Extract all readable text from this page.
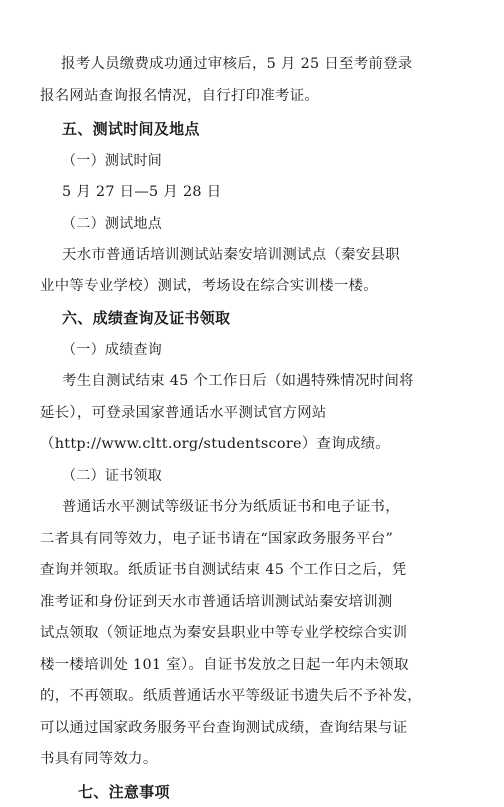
报考人员缴费成功通过审核后，5 月 25 日至考前登录
报名网站查询报名情况，自行打印准考证。
五、测试时间及地点
（一）测试时间
5 月 27 日—5 月 28 日
（二）测试地点
天水市普通话培训测试站秦安培训测试点（秦安县职
业中等专业学校）测试，考场设在综合实训楼一楼。
六、成绩查询及证书领取
（一）成绩查询
考生自测试结束 45 个工作日后（如遇特殊情况时间将
延长），可登录国家普通话水平测试官方网站
（http://www.cltt.org/studentscore）查询成绩。
（二）证书领取
普通话水平测试等级证书分为纸质证书和电子证书，
二者具有同等效力，电子证书请在“国家政务服务平台”
查询并领取。纸质证书自测试结束 45 个工作日之后，凭
准考证和身份证到天水市普通话培训测试站秦安培训测
试点领取（领证地点为秦安县职业中等专业学校综合实训
楼一楼培训处 101 室）。自证书发放之日起一年内未领取
的，不再领取。纸质普通话水平等级证书遗失后不予补发，
可以通过国家政务服务平台查询测试成绩，查询结果与证
书具有同等效力。
七、注意事项
